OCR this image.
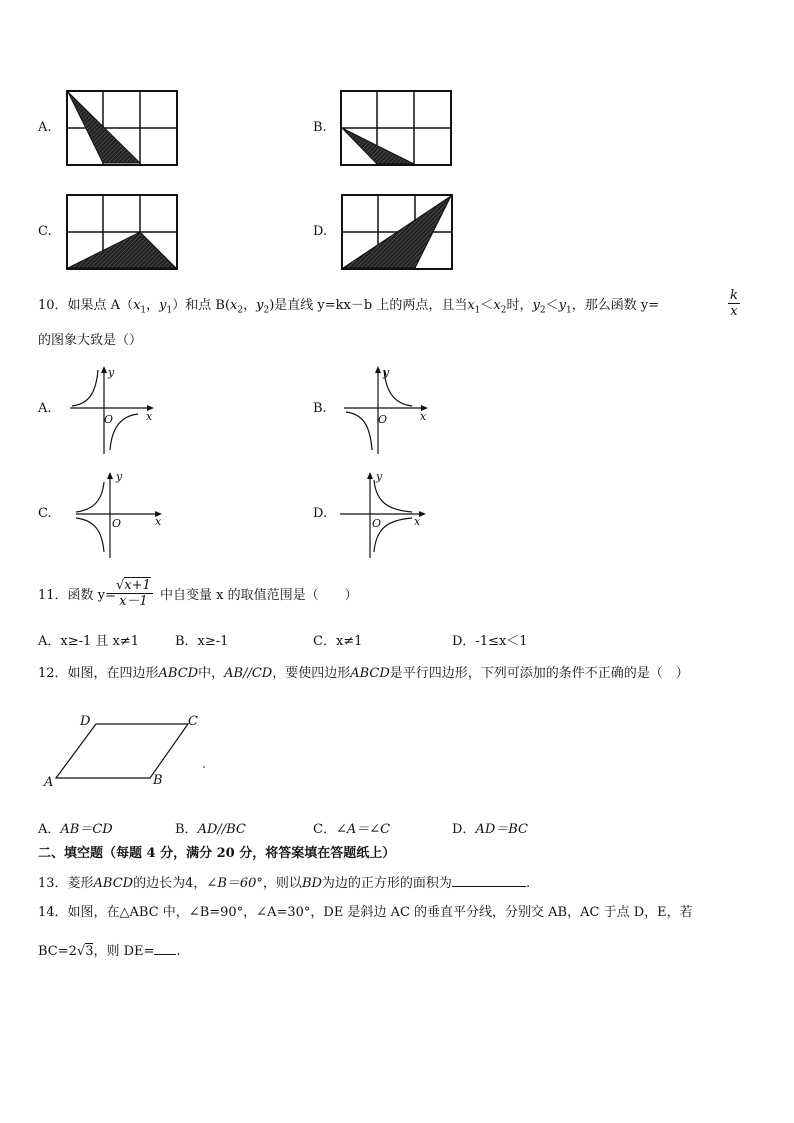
A.	B.
C.	D.
10．如果点 $A(x_1$，$y_1$）和点 $B(x_2$，$y_2$)是直线 y=kx－b 上的两点，且当$x_1<x_2$时，$y_2<y_1$，那么函数 y=	$\frac{k}{x}$
的图象大致是（）
A.
y
x
O
B.
y
x
O
C.
y
x
O
D.
y
x
O
11．函数 y=
$\frac{√x+1}{x-1}$ 中自变量 x 的取值范围是（　　）
A．x≥-1 且 x≠1	B．x≥-1	C．x≠1	D．-1≤x＜1
12．如图，在四边形ABCD中，AB//CD，要使四边形ABCD是平行四边形，下列可添加的条件不正确的是（　）
D	C
A	B
A．AB＝CD	B．AD//BC	C．∠A＝∠C	D．AD＝BC
二、填空题（每题 4 分，满分 20 分，将答案填在答题纸上）
13．菱形ABCD的边长为4，∠B＝60°，则以BD为边的正方形的面积为	.
14．如图，在△ABC 中，∠B=90°，∠A=30°，DE 是斜边 AC 的垂直平分线，分别交 AB，AC 于点 D，E，若
BC=2√3，则 DE= .
